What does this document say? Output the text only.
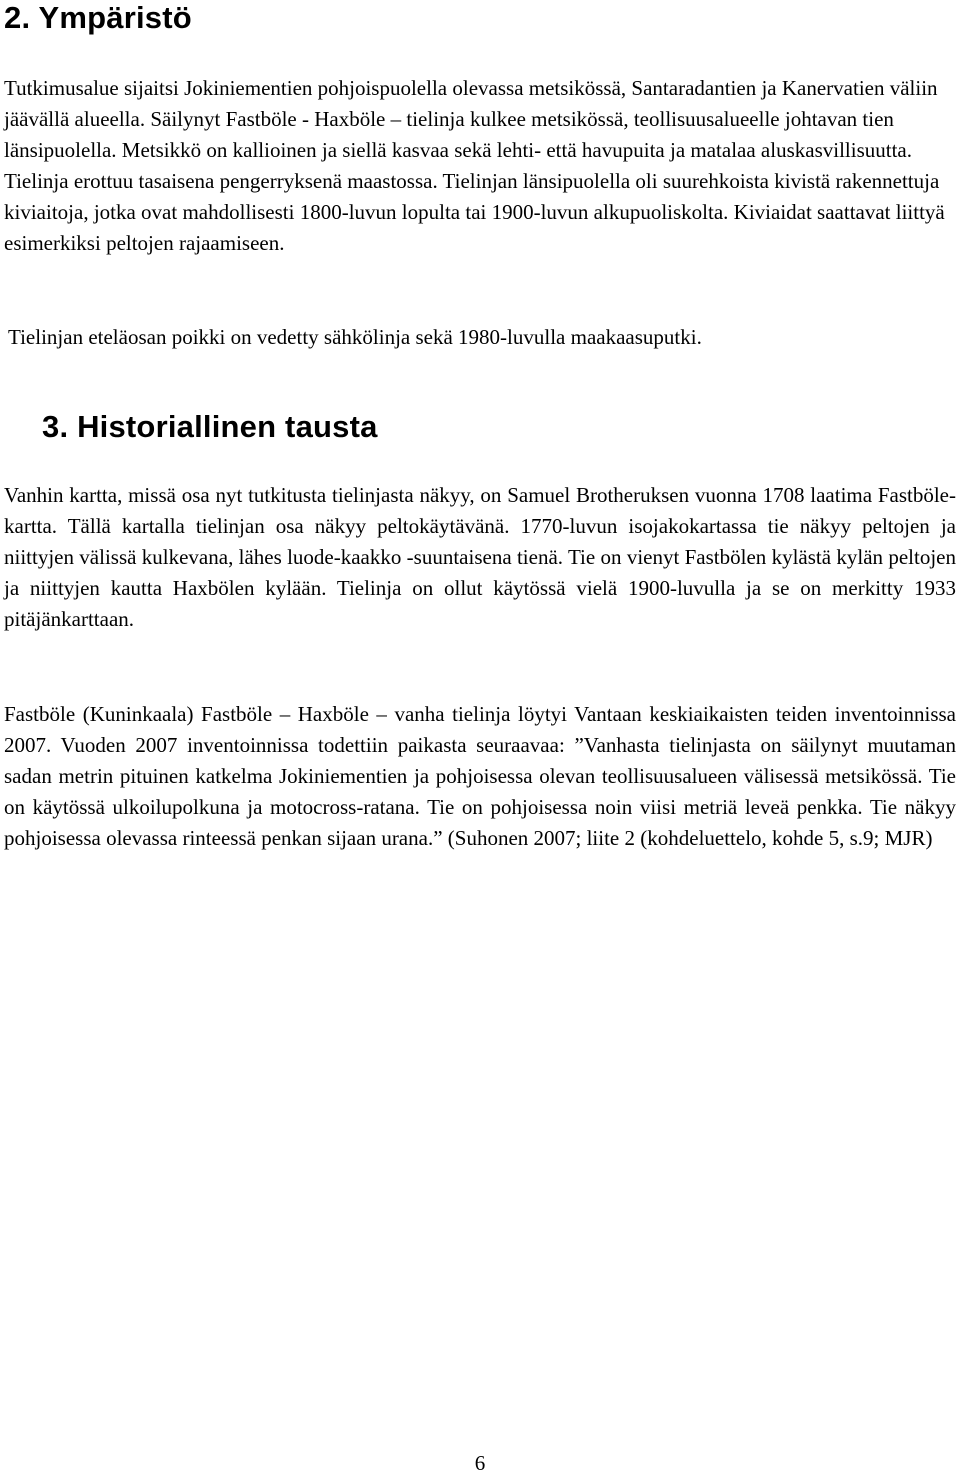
2. Ympäristö

Tutkimusalue sijaitsi Jokiniementien pohjoispuolella olevassa metsikössä, Santaradantien ja Kanervatien väliin jäävällä alueella. Säilynyt Fastböle - Haxböle – tielinja kulkee metsikössä, teollisuusalueelle johtavan tien länsipuolella. Metsikkö on kallioinen ja siellä kasvaa sekä lehti- että havupuita ja matalaa aluskasvillisuutta. Tielinja erottuu tasaisena pengerryksenä maastossa. Tielinjan länsipuolella oli suurehkoista kivistä rakennettuja kiviaitoja, jotka ovat mahdollisesti 1800-luvun lopulta tai 1900-luvun alkupuoliskolta. Kiviaidat saattavat liittyä esimerkiksi peltojen rajaamiseen.

Tielinjan eteläosan poikki on vedetty sähkölinja sekä 1980-luvulla maakaasuputki.

3. Historiallinen tausta

Vanhin kartta, missä osa nyt tutkitusta tielinjasta näkyy, on Samuel Brotheruksen vuonna 1708 laatima Fastböle-kartta. Tällä kartalla tielinjan osa näkyy peltokäytävänä. 1770-luvun isojakokartassa tie näkyy peltojen ja niittyjen välissä kulkevana, lähes luode-kaakko -suuntaisena tienä. Tie on vienyt Fastbölen kylästä kylän peltojen ja niittyjen kautta Haxbölen kylään. Tielinja on ollut käytössä vielä 1900-luvulla ja se on merkitty 1933 pitäjänkarttaan.

Fastböle (Kuninkaala) Fastböle – Haxböle – vanha tielinja löytyi Vantaan keskiaikaisten teiden inventoinnissa 2007. Vuoden 2007 inventoinnissa todettiin paikasta seuraavaa: ”Vanhasta tielinjasta on säilynyt muutaman sadan metrin pituinen katkelma Jokiniementien ja pohjoisessa olevan teollisuusalueen välisessä metsikössä. Tie on käytössä ulkoilupolkuna ja motocross-ratana. Tie on pohjoisessa noin viisi metriä leveä penkka. Tie näkyy pohjoisessa olevassa rinteessä penkan sijaan urana.” (Suhonen 2007; liite 2 (kohdeluettelo, kohde 5, s.9; MJR)

6
